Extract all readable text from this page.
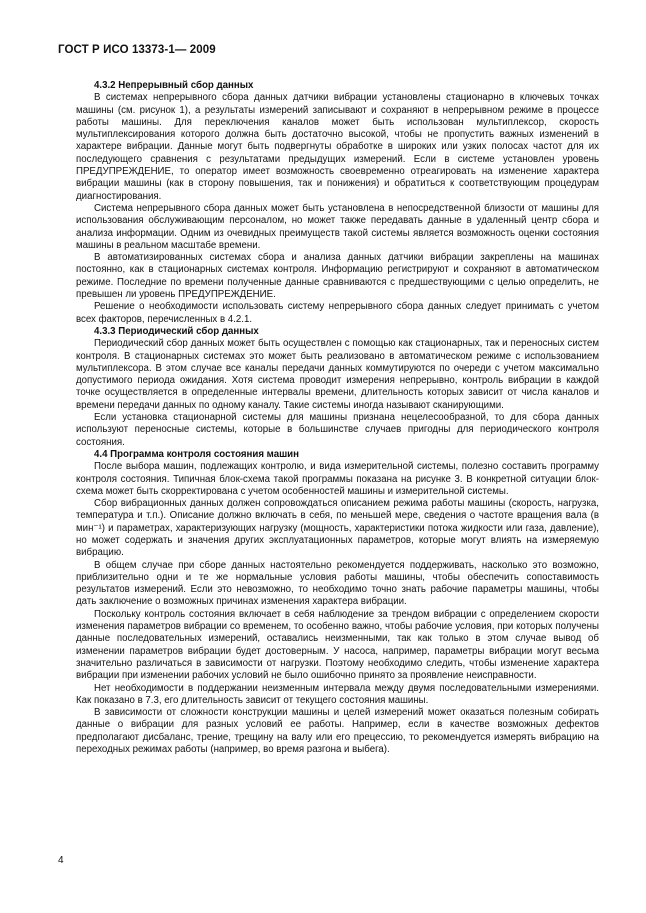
ГОСТ Р ИСО 13373-1— 2009
4.3.2 Непрерывный сбор данных

В системах непрерывного сбора данных датчики вибрации установлены стационарно в ключевых точках машины (см. рисунок 1), а результаты измерений записывают и сохраняют в непрерывном режиме в процессе работы машины. Для переключения каналов может быть использован мультиплексор, скорость мультиплексирования которого должна быть достаточно высокой, чтобы не пропустить важных изменений в характере вибрации. Данные могут быть подвергнуты обработке в широких или узких полосах частот для их последующего сравнения с результатами предыдущих измерений. Если в системе установлен уровень ПРЕДУПРЕЖДЕНИЕ, то оператор имеет возможность своевременно отреагировать на изменение характера вибрации машины (как в сторону повышения, так и понижения) и обратиться к соответствующим процедурам диагностирования.

Система непрерывного сбора данных может быть установлена в непосредственной близости от машины для использования обслуживающим персоналом, но может также передавать данные в удаленный центр сбора и анализа информации. Одним из очевидных преимуществ такой системы является возможность оценки состояния машины в реальном масштабе времени.

В автоматизированных системах сбора и анализа данных датчики вибрации закреплены на машинах постоянно, как в стационарных системах контроля. Информацию регистрируют и сохраняют в автоматическом режиме. Последние по времени полученные данные сравниваются с предшествующими с целью определить, не превышен ли уровень ПРЕДУПРЕЖДЕНИЕ.

Решение о необходимости использовать систему непрерывного сбора данных следует принимать с учетом всех факторов, перечисленных в 4.2.1.

4.3.3 Периодический сбор данных

Периодический сбор данных может быть осуществлен с помощью как стационарных, так и переносных систем контроля. В стационарных системах это может быть реализовано в автоматическом режиме с использованием мультиплексора. В этом случае все каналы передачи данных коммутируются по очереди с учетом максимально допустимого периода ожидания. Хотя система проводит измерения непрерывно, контроль вибрации в каждой точке осуществляется в определенные интервалы времени, длительность которых зависит от числа каналов и времени передачи данных по одному каналу. Такие системы иногда называют сканирующими.

Если установка стационарной системы для машины признана нецелесообразной, то для сбора данных используют переносные системы, которые в большинстве случаев пригодны для периодического контроля состояния.

4.4 Программа контроля состояния машин

После выбора машин, подлежащих контролю, и вида измерительной системы, полезно составить программу контроля состояния. Типичная блок-схема такой программы показана на рисунке 3. В конкретной ситуации блок-схема может быть скорректирована с учетом особенностей машины и измерительной системы.

Сбор вибрационных данных должен сопровождаться описанием режима работы машины (скорость, нагрузка, температура и т.п.). Описание должно включать в себя, по меньшей мере, сведения о частоте вращения вала (в мин⁻¹) и параметрах, характеризующих нагрузку (мощность, характеристики потока жидкости или газа, давление), но может содержать и значения других эксплуатационных параметров, которые могут влиять на измеряемую вибрацию.

В общем случае при сборе данных настоятельно рекомендуется поддерживать, насколько это возможно, приблизительно одни и те же нормальные условия работы машины, чтобы обеспечить сопоставимость результатов измерений. Если это невозможно, то необходимо точно знать рабочие параметры машины, чтобы дать заключение о возможных причинах изменения характера вибрации.

Поскольку контроль состояния включает в себя наблюдение за трендом вибрации с определением скорости изменения параметров вибрации со временем, то особенно важно, чтобы рабочие условия, при которых получены данные последовательных измерений, оставались неизменными, так как только в этом случае вывод об изменении параметров вибрации будет достоверным. У насоса, например, параметры вибрации могут весьма значительно различаться в зависимости от нагрузки. Поэтому необходимо следить, чтобы изменение характера вибрации при изменении рабочих условий не было ошибочно принято за проявление неисправности.

Нет необходимости в поддержании неизменным интервала между двумя последовательными измерениями. Как показано в 7.3, его длительность зависит от текущего состояния машины.

В зависимости от сложности конструкции машины и целей измерений может оказаться полезным собирать данные о вибрации для разных условий ее работы. Например, если в качестве возможных дефектов предполагают дисбаланс, трение, трещину на валу или его прецессию, то рекомендуется измерять вибрацию на переходных режимах работы (например, во время разгона и выбега).

4
